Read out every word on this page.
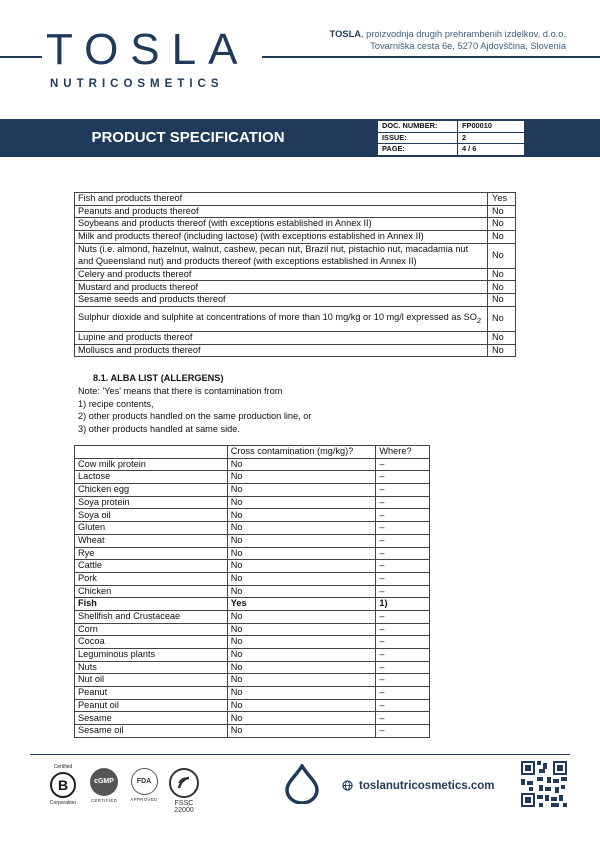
TOSLA
NUTRICOSMETICS
TOSLA, proizvodnja drugih prehrambenih izdelkov, d.o.o.
Tovarniška cesta 6e, 5270 Ajdovščina, Slovenia
PRODUCT SPECIFICATION
DOC. NUMBER:	FP00010
ISSUE:	2
PAGE:	4 / 6
Fish and products thereof	Yes
Peanuts and products thereof	No
Soybeans and products thereof (with exceptions established in Annex II)	No
Milk and products thereof (including lactose) (with exceptions established in Annex II)	No
Nuts (i.e. almond, hazelnut, walnut, cashew, pecan nut, Brazil nut, pistachio nut, macadamia nut and Queensland nut) and products thereof (with exceptions established in Annex II)	No
Celery and products thereof	No
Mustard and products thereof	No
Sesame seeds and products thereof	No
Sulphur dioxide and sulphite at concentrations of more than 10 mg/kg or 10 mg/l expressed as $SO_2$	No
Lupine and products thereof	No
Molluscs and products thereof	No
8.1. ALBA LIST (ALLERGENS)
Note: 'Yes' means that there is contamination from
1) recipe contents,
2) other products handled on the same production line, or
3) other products handled at same side.
	Cross contamination (mg/kg)?	Where?
Cow milk protein	No	–
Lactose	No	–
Chicken egg	No	–
Soya protein	No	–
Soya oil	No	–
Gluten	No	–
Wheat	No	–
Rye	No	–
Cattle	No	–
Pork	No	–
Chicken	No	–
Fish	Yes	1)
Shellfish and Crustaceae	No	–
Corn	No	–
Cocoa	No	–
Leguminous plants	No	–
Nuts	No	–
Nut oil	No	–
Peanut	No	–
Peanut oil	No	–
Sesame	No	–
Sesame oil	No	–
Certified
B
Corporation
cGMP
CERTIFIED
FDA
APPROVED
FSSC 22000
toslanutricosmetics.com
